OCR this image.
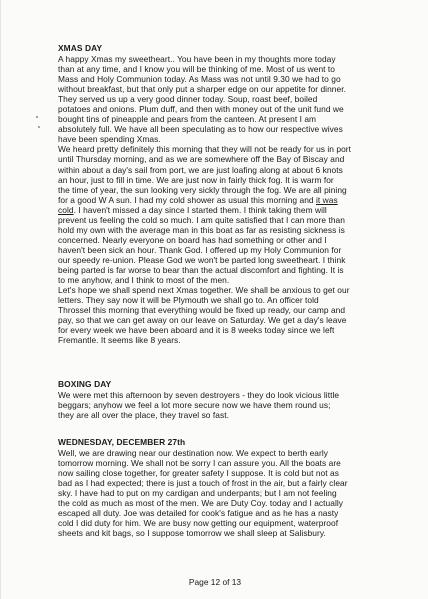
XMAS DAY
A happy Xmas my sweetheart.. You have been in my thoughts more today
than at any time, and I know you will be thinking of me. Most of us went to
Mass and Holy Communion today. As Mass was not until 9.30 we had to go
without breakfast, but that only put a sharper edge on our appetite for dinner.
They served us up a very good dinner today. Soup, roast beef, boiled
potatoes and onions. Plum duff, and then with money out of the unit fund we
bought tins of pineapple and pears from the canteen. At present I am
absolutely full. We have all been speculating as to how our respective wives
have been spending Xmas.
We heard pretty definitely this morning that they will not be ready for us in port
until Thursday morning, and as we are somewhere off the Bay of Biscay and
within about a day's sail from port, we are just loafing along at about 6 knots
an hour, just to fill in time. We are just now in fairly thick fog. It is warm for
the time of year, the sun looking very sickly through the fog. We are all pining
for a good W A sun. I had my cold shower as usual this morning and it was
cold. I haven't missed a day since I started them. I think taking them will
prevent us feeling the cold so much. I am quite satisfied that I can more than
hold my own with the average man in this boat as far as resisting sickness is
concerned. Nearly everyone on board has had something or other and I
haven't been sick an hour. Thank God. I offered up my Holy Communion for
our speedy re-union. Please God we won't be parted long sweetheart. I think
being parted is far worse to bear than the actual discomfort and fighting. It is
to me anyhow, and I think to most of the men.
Let's hope we shall spend next Xmas together. We shall be anxious to get our
letters. They say now it will be Plymouth we shall go to. An officer told
Throssel this morning that everything would be fixed up ready, our camp and
pay, so that we can get away on our leave on Saturday. We get a day's leave
for every week we have been aboard and it is 8 weeks today since we left
Fremantle. It seems like 8 years.
BOXING DAY
We were met this afternoon by seven destroyers - they do look vicious little
beggars; anyhow we feel a lot more secure now we have them round us;
they are all over the place, they travel so fast.
WEDNESDAY, DECEMBER 27th
Well, we are drawing near our destination now. We expect to berth early
tomorrow morning. We shall not be sorry I can assure you. All the boats are
now sailing close together, for greater safety I suppose. It is cold but not as
bad as I had expected; there is just a touch of frost in the air, but a fairly clear
sky. I have had to put on my cardigan and underpants; but I am not feeling
the cold as much as most of the men. We are Duty Coy. today and I actually
escaped all duty. Joe was detailed for cook's fatigue and as he has a nasty
cold I did duty for him. We are busy now getting our equipment, waterproof
sheets and kit bags, so I suppose tomorrow we shall sleep at Salisbury.
Page 12 of 13
